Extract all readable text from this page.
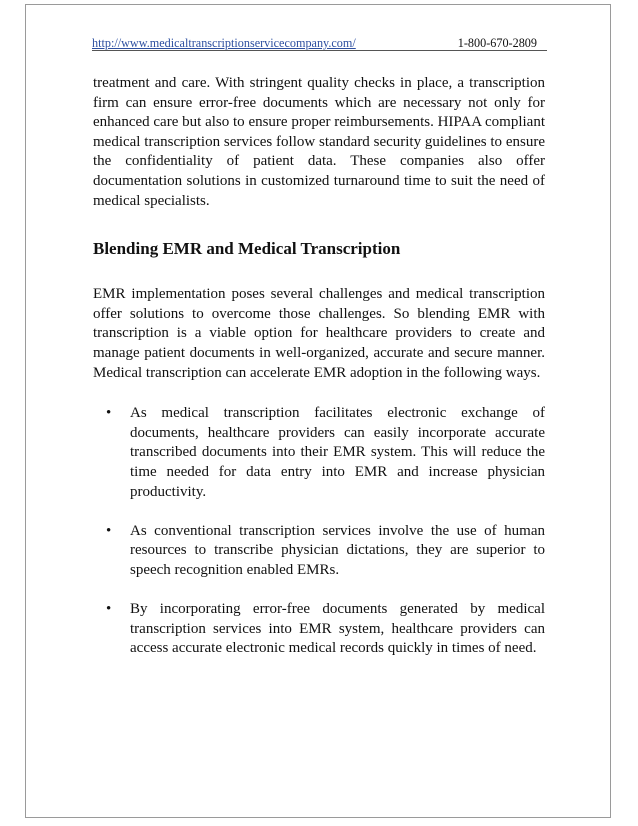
http://www.medicaltranscriptionservicecompany.com/	1-800-670-2809

treatment and care. With stringent quality checks in place, a transcription firm can ensure error-free documents which are necessary not only for enhanced care but also to ensure proper reimbursements. HIPAA compliant medical transcription services follow standard security guidelines to ensure the confidentiality of patient data. These companies also offer documentation solutions in customized turnaround time to suit the need of medical specialists.

Blending EMR and Medical Transcription

EMR implementation poses several challenges and medical transcription offer solutions to overcome those challenges. So blending EMR with transcription is a viable option for healthcare providers to create and manage patient documents in well-organized, accurate and secure manner. Medical transcription can accelerate EMR adoption in the following ways.

• As medical transcription facilitates electronic exchange of documents, healthcare providers can easily incorporate accurate transcribed documents into their EMR system. This will reduce the time needed for data entry into EMR and increase physician productivity.
• As conventional transcription services involve the use of human resources to transcribe physician dictations, they are superior to speech recognition enabled EMRs.
• By incorporating error-free documents generated by medical transcription services into EMR system, healthcare providers can access accurate electronic medical records quickly in times of need.
